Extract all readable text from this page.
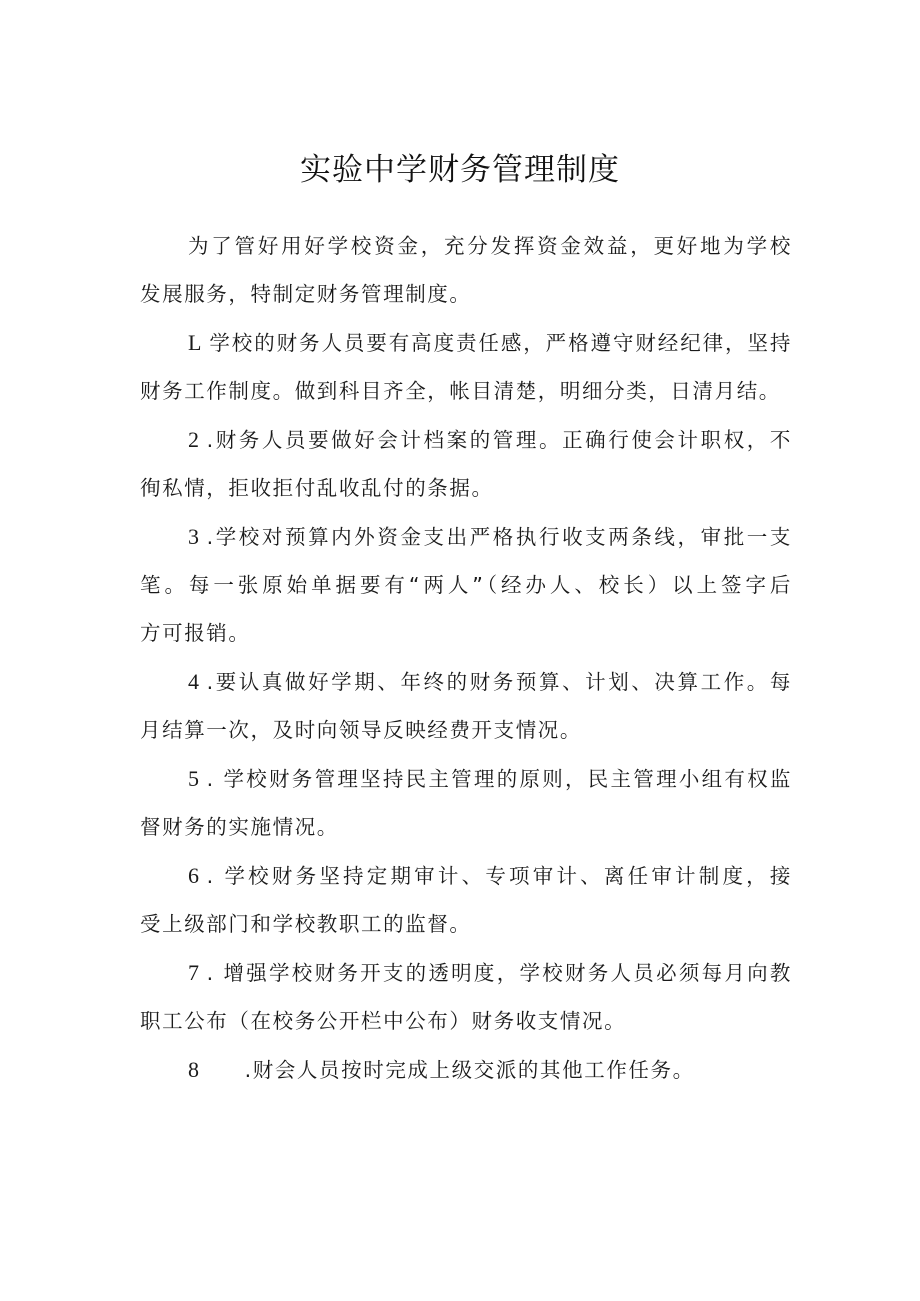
实验中学财务管理制度
为了管好用好学校资金，充分发挥资金效益，更好地为学校
发展服务，特制定财务管理制度。
L 学校的财务人员要有高度责任感，严格遵守财经纪律，坚持
财务工作制度。做到科目齐全，帐目清楚，明细分类，日清月结。
2 .财务人员要做好会计档案的管理。正确行使会计职权，不
徇私情，拒收拒付乱收乱付的条据。
3 .学校对预算内外资金支出严格执行收支两条线，审批一支
笔。每一张原始单据要有“两人”（经办人、校长）以上签字后
方可报销。
4 .要认真做好学期、年终的财务预算、计划、决算工作。每
月结算一次，及时向领导反映经费开支情况。
5 . 学校财务管理坚持民主管理的原则，民主管理小组有权监
督财务的实施情况。
6 . 学校财务坚持定期审计、专项审计、离任审计制度，接
受上级部门和学校教职工的监督。
7 . 增强学校财务开支的透明度，学校财务人员必须每月向教
职工公布（在校务公开栏中公布）财务收支情况。
8 .财会人员按时完成上级交派的其他工作任务。
